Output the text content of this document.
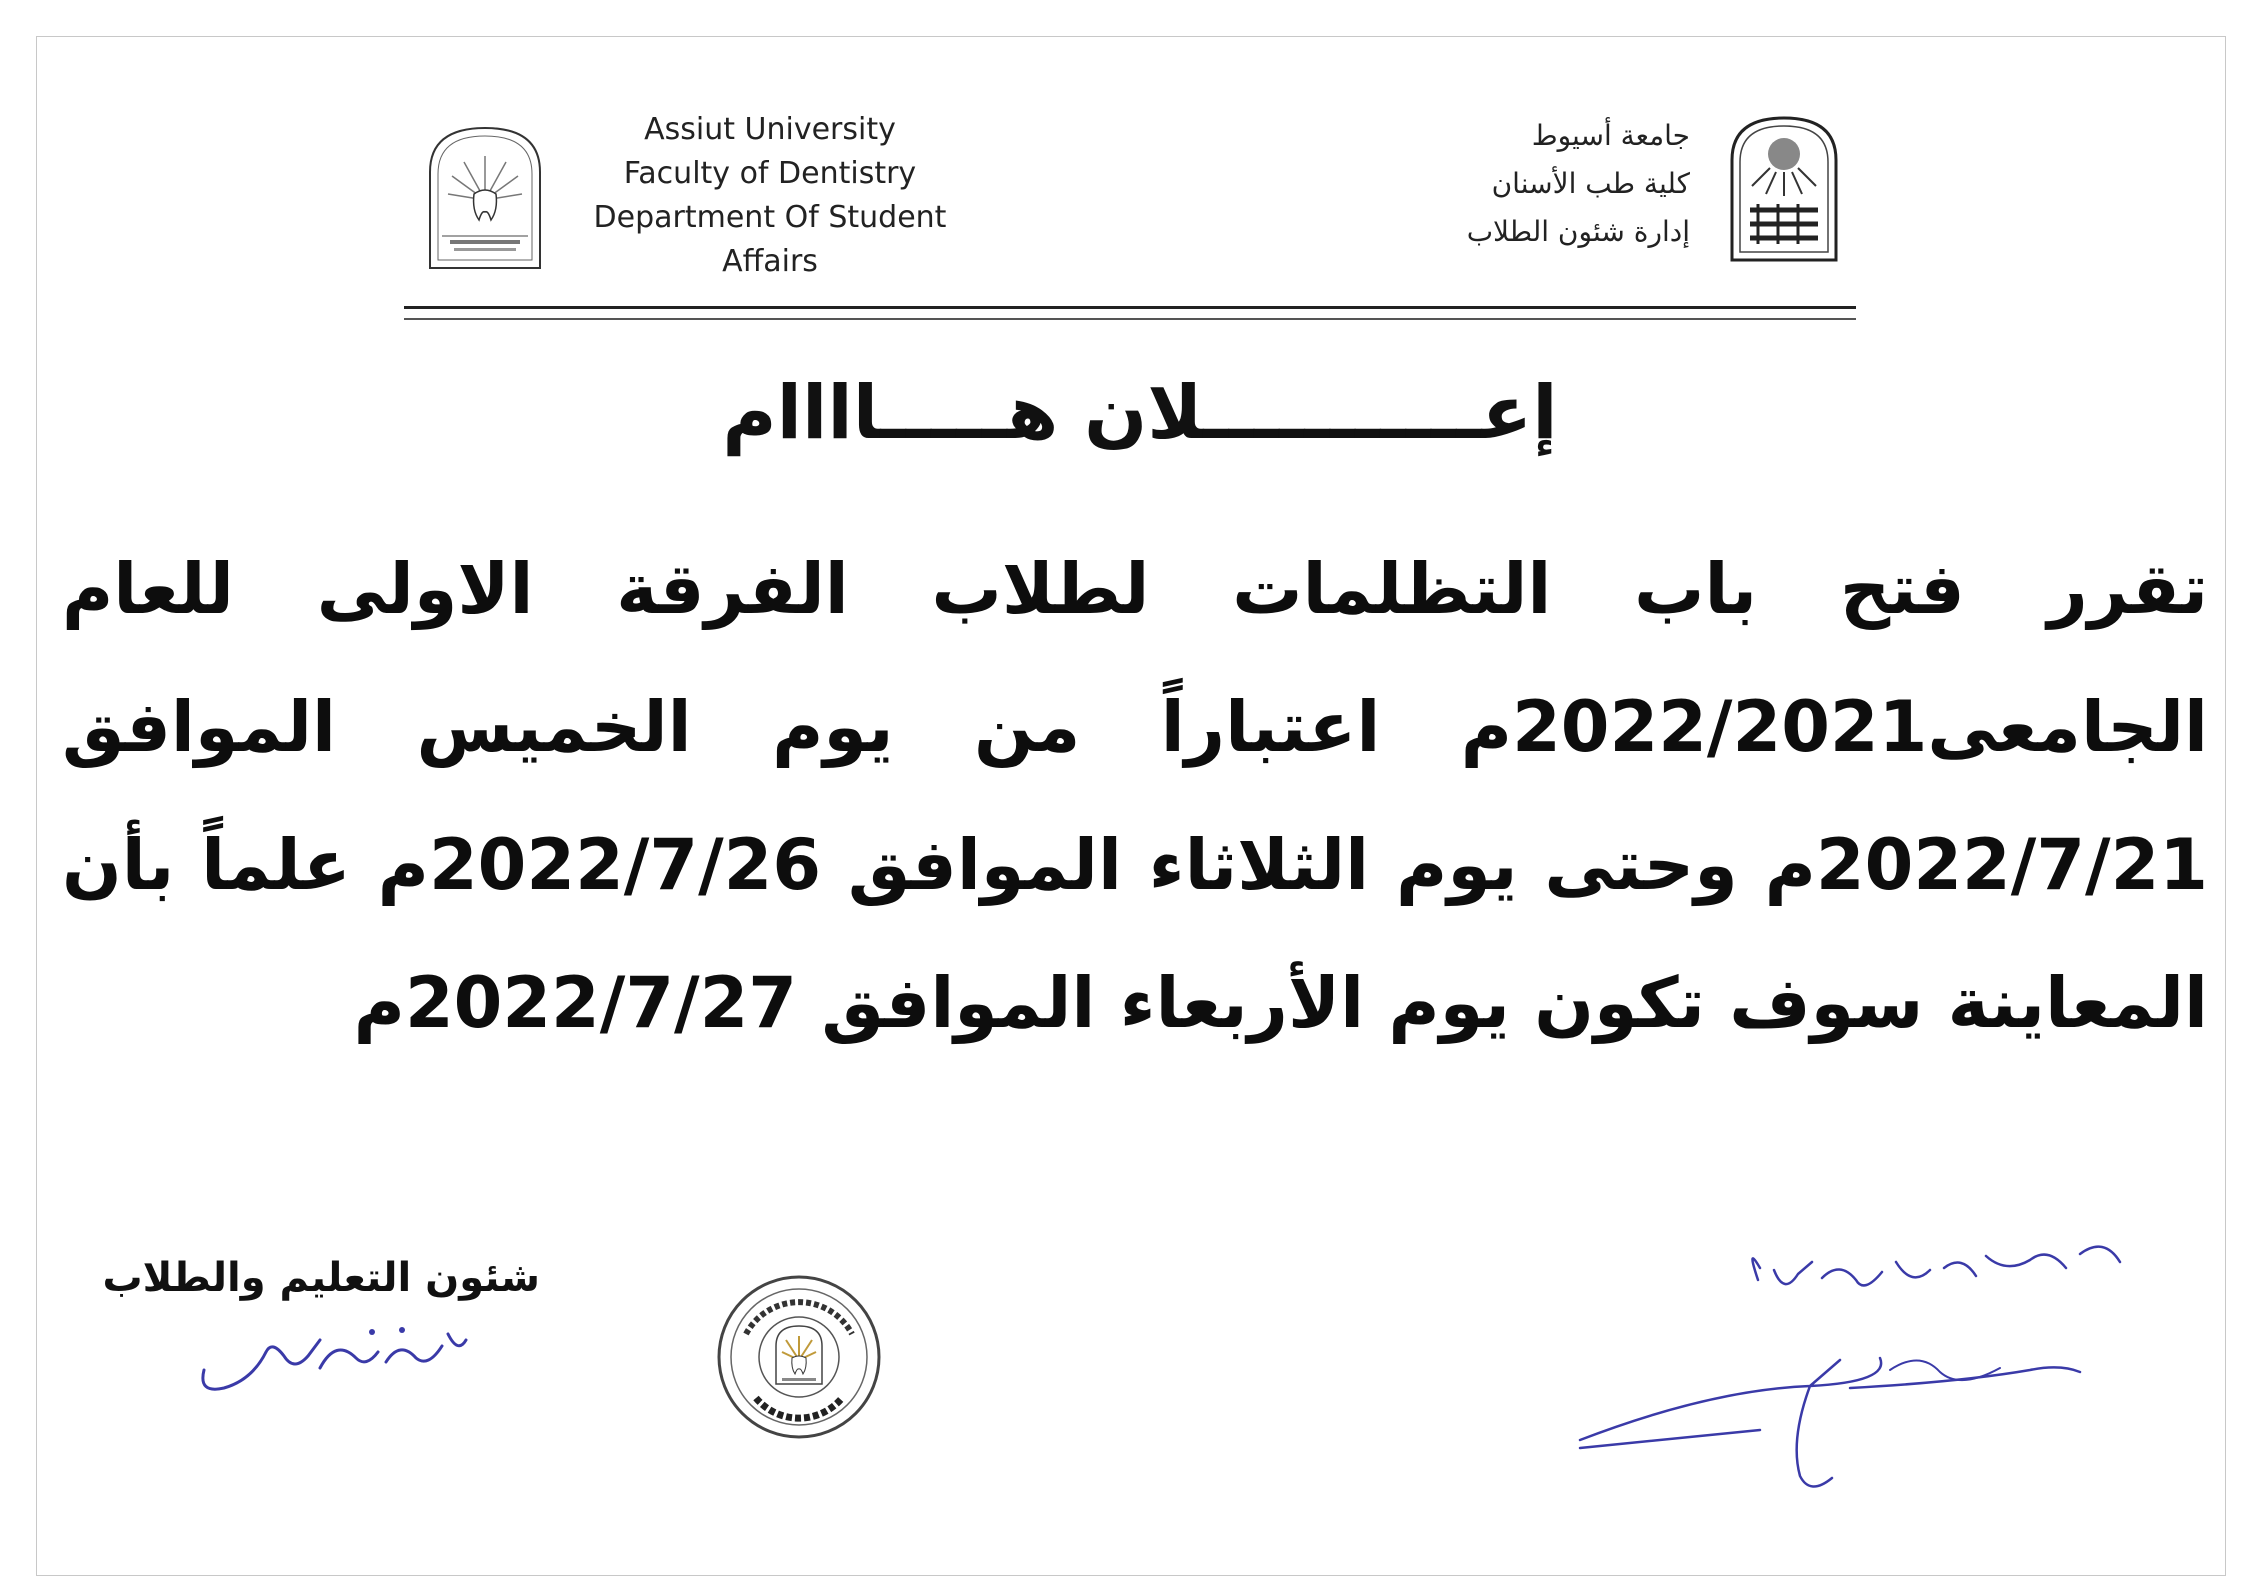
Assiut University
Faculty of Dentistry
Department Of Student
Affairs
جامعة أسيوط
كلية طب الأسنان
إدارة شئون الطلاب
إعـــــــــــلان هـــــاااام

تقرر فتح باب التظلمات لطلاب الفرقة الاولى للعام الجامعى2022/2021م اعتباراً من يوم الخميس الموافق 2022/7/21م وحتى يوم الثلاثاء الموافق 2022/7/26م علماً بأن المعاينة سوف تكون يوم الأربعاء الموافق 2022/7/27م

شئون التعليم والطلاب
